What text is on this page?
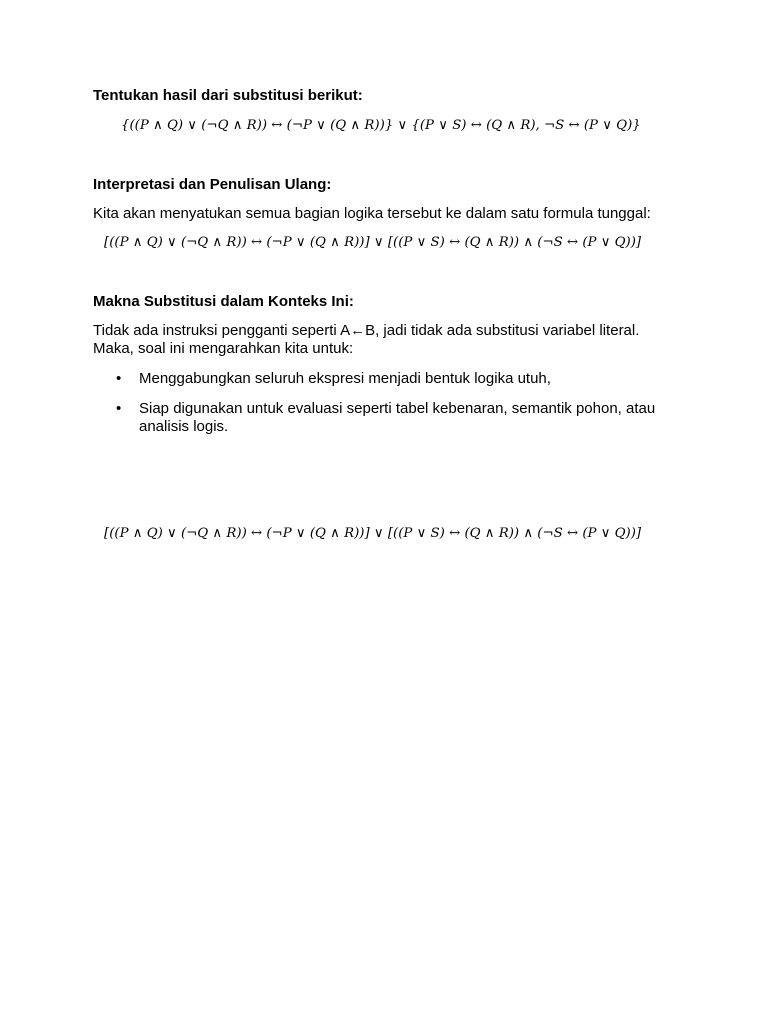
Tentukan hasil dari substitusi berikut:
{((𝑃 ∧ 𝑄) ∨ (¬𝑄 ∧ 𝑅)) ↔ (¬𝑃 ∨ (𝑄 ∧ 𝑅))} ∨ {(𝑃 ∨ 𝑆) ↔ (𝑄 ∧ 𝑅), ¬𝑆 ↔ (𝑃 ∨ 𝑄)}
Interpretasi dan Penulisan Ulang:
Kita akan menyatukan semua bagian logika tersebut ke dalam satu formula tunggal:
[((𝑃 ∧ 𝑄) ∨ (¬𝑄 ∧ 𝑅)) ↔ (¬𝑃 ∨ (𝑄 ∧ 𝑅))] ∨ [((𝑃 ∨ 𝑆) ↔ (𝑄 ∧ 𝑅)) ∧ (¬𝑆 ↔ (𝑃 ∨ 𝑄))]
Makna Substitusi dalam Konteks Ini:
Tidak ada instruksi pengganti seperti A←B, jadi tidak ada substitusi variabel literal.
Maka, soal ini mengarahkan kita untuk:
•	Menggabungkan seluruh ekspresi menjadi bentuk logika utuh,
•	Siap digunakan untuk evaluasi seperti tabel kebenaran, semantik pohon, atau analisis logis.
[((𝑃 ∧ 𝑄) ∨ (¬𝑄 ∧ 𝑅)) ↔ (¬𝑃 ∨ (𝑄 ∧ 𝑅))] ∨ [((𝑃 ∨ 𝑆) ↔ (𝑄 ∧ 𝑅)) ∧ (¬𝑆 ↔ (𝑃 ∨ 𝑄))]
